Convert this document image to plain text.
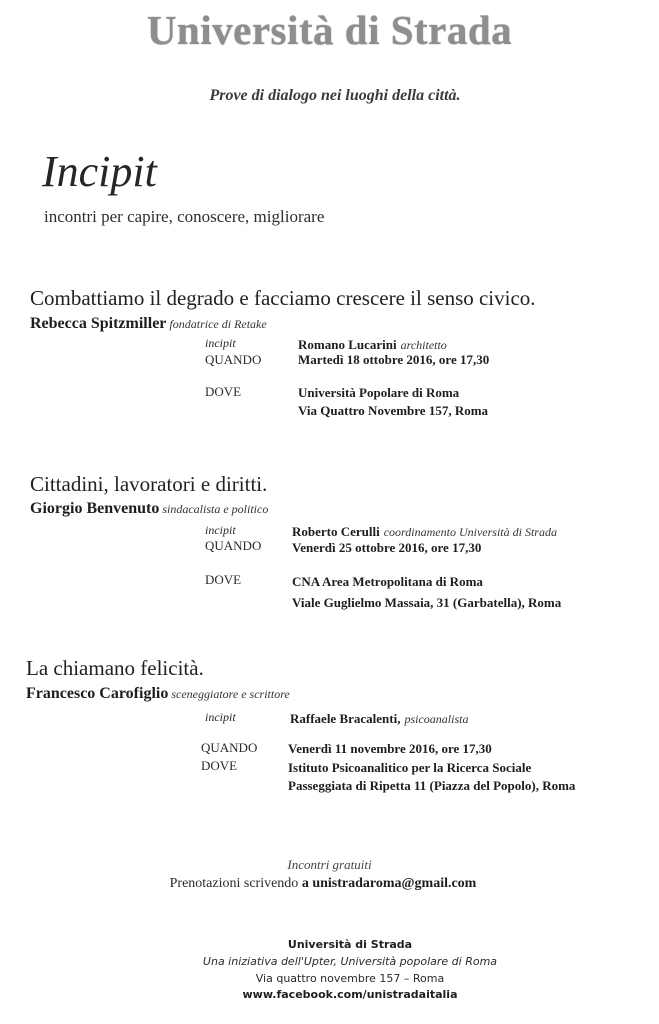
Università di Strada
Prove di dialogo nei luoghi della città.
Incipit
incontri per capire, conoscere, migliorare
Combattiamo il degrado e facciamo crescere il senso civico.
Rebecca Spitzmiller fondatrice di Retake
incipit	Romano Lucarini architetto
QUANDO	Martedì 18 ottobre 2016, ore 17,30
DOVE	Università Popolare di Roma
Via Quattro Novembre 157, Roma
Cittadini, lavoratori e diritti.
Giorgio Benvenuto sindacalista e politico
incipit	Roberto Cerulli coordinamento Università di Strada
QUANDO Venerdì 25 ottobre 2016, ore 17,30
DOVE	CNA Area Metropolitana di Roma
Viale Guglielmo Massaia, 31 (Garbatella), Roma
La chiamano felicità.
Francesco Carofiglio sceneggiatore e scrittore
incipit	Raffaele Bracalenti, psicoanalista
QUANDO Venerdì 11 novembre 2016, ore 17,30
DOVE	Istituto Psicoanalitico per la Ricerca Sociale
Passeggiata di Ripetta 11 (Piazza del Popolo), Roma
Incontri gratuiti
Prenotazioni scrivendo a unistradaroma@gmail.com
Università di Strada
Una iniziativa dell'Upter, Università popolare di Roma
Via quattro novembre 157 – Roma
www.facebook.com/unistradaitalia
